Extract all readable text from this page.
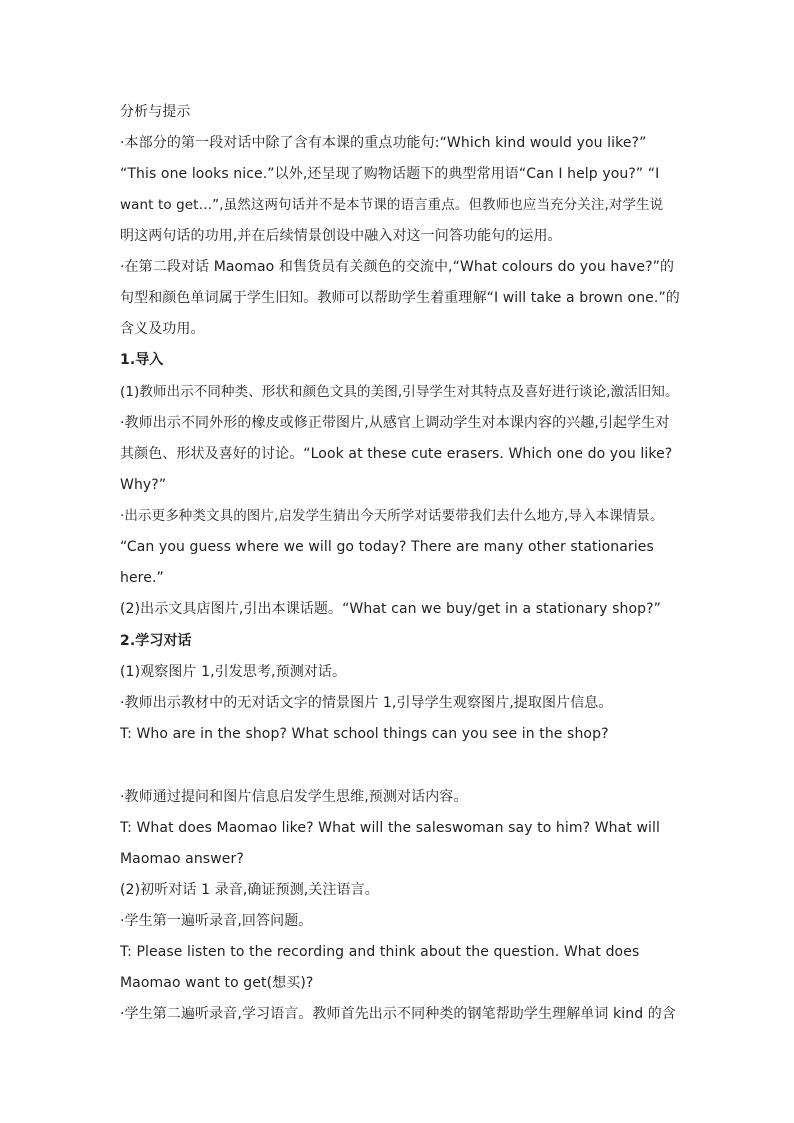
分析与提示
·本部分的第一段对话中除了含有本课的重点功能句:“Which kind would you like?”
“This one looks nice.”以外,还呈现了购物话题下的典型常用语“Can I help you?” “I
want to get…”,虽然这两句话并不是本节课的语言重点。但教师也应当充分关注,对学生说
明这两句话的功用,并在后续情景创设中融入对这一问答功能句的运用。
·在第二段对话 Maomao 和售货员有关颜色的交流中,“What colours do you have?”的
句型和颜色单词属于学生旧知。教师可以帮助学生着重理解“I will take a brown one.”的
含义及功用。
1.导入
(1)教师出示不同种类、形状和颜色文具的美图,引导学生对其特点及喜好进行谈论,激活旧知。
·教师出示不同外形的橡皮或修正带图片,从感官上调动学生对本课内容的兴趣,引起学生对
其颜色、形状及喜好的讨论。“Look at these cute erasers. Which one do you like?
Why?”
·出示更多种类文具的图片,启发学生猜出今天所学对话要带我们去什么地方,导入本课情景。
“Can you guess where we will go today? There are many other stationaries
here.”
(2)出示文具店图片,引出本课话题。“What can we buy/get in a stationary shop?”
2.学习对话
(1)观察图片 1,引发思考,预测对话。
·教师出示教材中的无对话文字的情景图片 1,引导学生观察图片,提取图片信息。
T: Who are in the shop? What school things can you see in the shop?
·教师通过提问和图片信息启发学生思维,预测对话内容。
T: What does Maomao like? What will the saleswoman say to him? What will
Maomao answer?
(2)初听对话 1 录音,确证预测,关注语言。
·学生第一遍听录音,回答问题。
T: Please listen to the recording and think about the question. What does
Maomao want to get(想买)?
·学生第二遍听录音,学习语言。教师首先出示不同种类的钢笔帮助学生理解单词 kind 的含
